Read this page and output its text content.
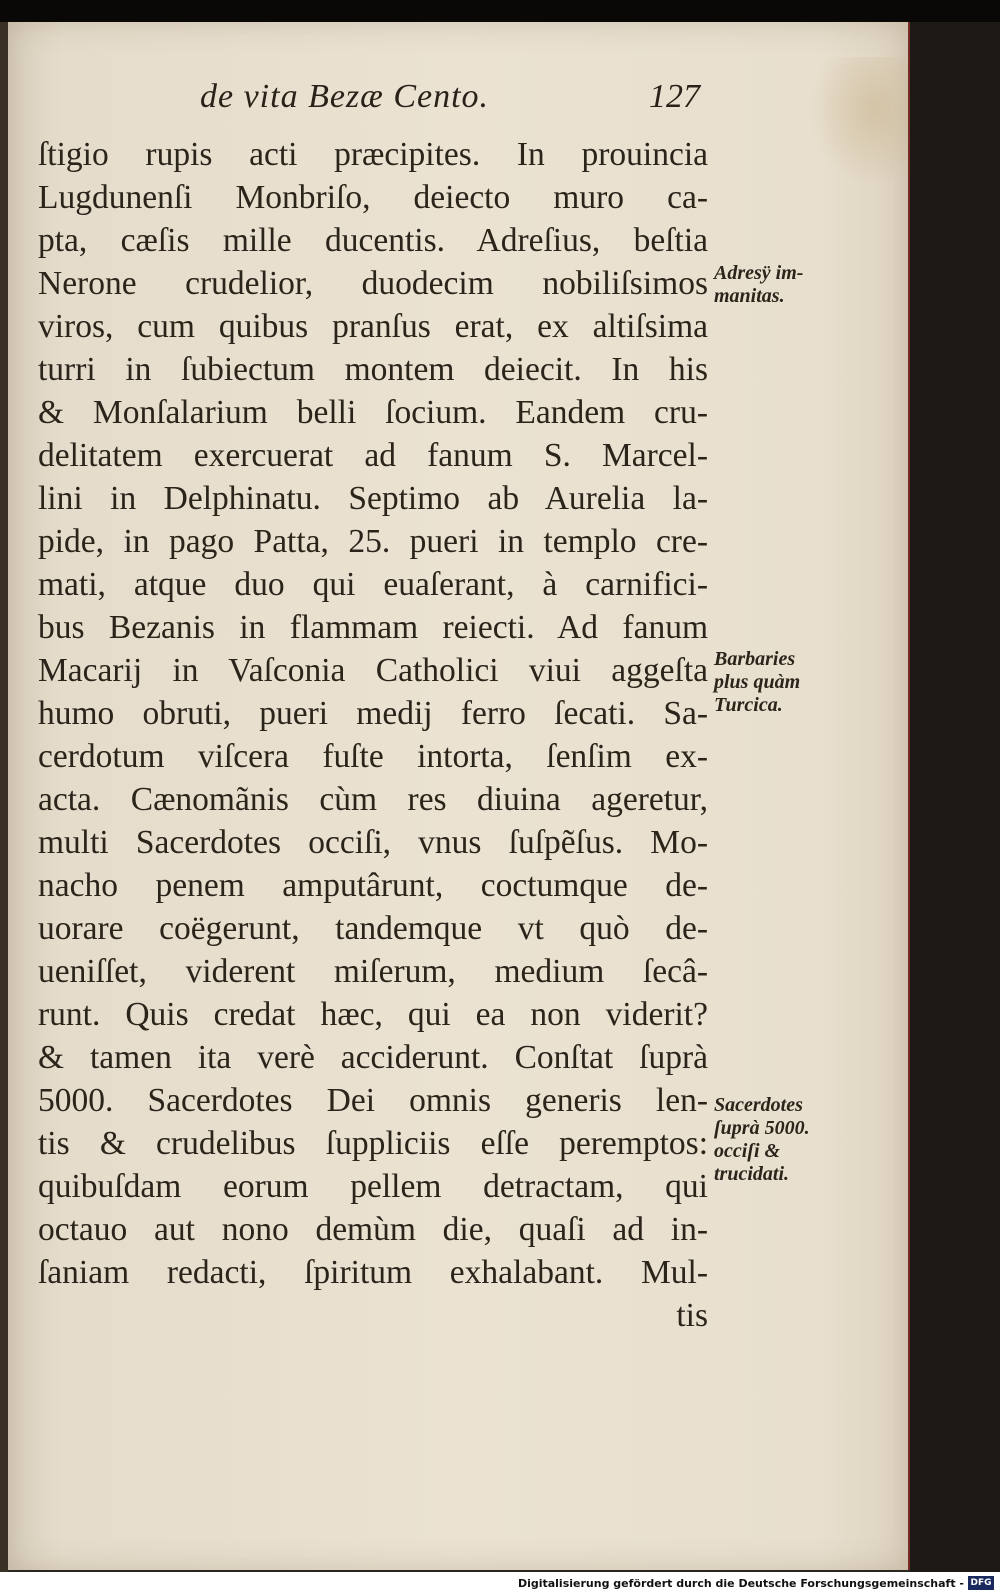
de vita Bezæ Cento.	127
ſtigio rupis acti præcipites. In prouincia
Lugdunenſi Monbriſo, deiecto muro ca-
pta, cæſis mille ducentis. Adreſius, beſtia
Nerone crudelior, duodecim nobiliſsimos
viros, cum quibus pranſus erat, ex altiſsima
turri in ſubiectum montem deiecit. In his
& Monſalarium belli ſocium. Eandem cru-
delitatem exercuerat ad fanum S. Marcel-
lini in Delphinatu. Septimo ab Aurelia la-
pide, in pago Patta, 25. pueri in templo cre-
mati, atque duo qui euaſerant, à carnifici-
bus Bezanis in flammam reiecti. Ad fanum
Macarij in Vaſconia Catholici viui aggeſta
humo obruti, pueri medij ferro ſecati. Sa-
cerdotum viſcera fuſte intorta, ſenſim ex-
acta. Cænomãnis cùm res diuina ageretur,
multi Sacerdotes occiſi, vnus ſuſpẽſus. Mo-
nacho penem amputârunt, coctumque de-
uorare coëgerunt, tandemque vt quò de-
ueniſſet, viderent miſerum, medium ſecâ-
runt. Quis credat hæc, qui ea non viderit?
& tamen ita verè acciderunt. Conſtat ſuprà
5000. Sacerdotes Dei omnis generis len-
tis & crudelibus ſuppliciis eſſe peremptos:
quibuſdam eorum pellem detractam, qui
octauo aut nono demùm die, quaſi ad in-
ſaniam redacti, ſpiritum exhalabant. Mul-
tis
Adresÿ im-
manitas.
Barbaries
plus quàm
Turcica.
Sacerdotes
ſuprà 5000.
occiſi &
trucidati.
Digitalisierung gefördert durch die Deutsche Forschungsgemeinschaft - DFG
